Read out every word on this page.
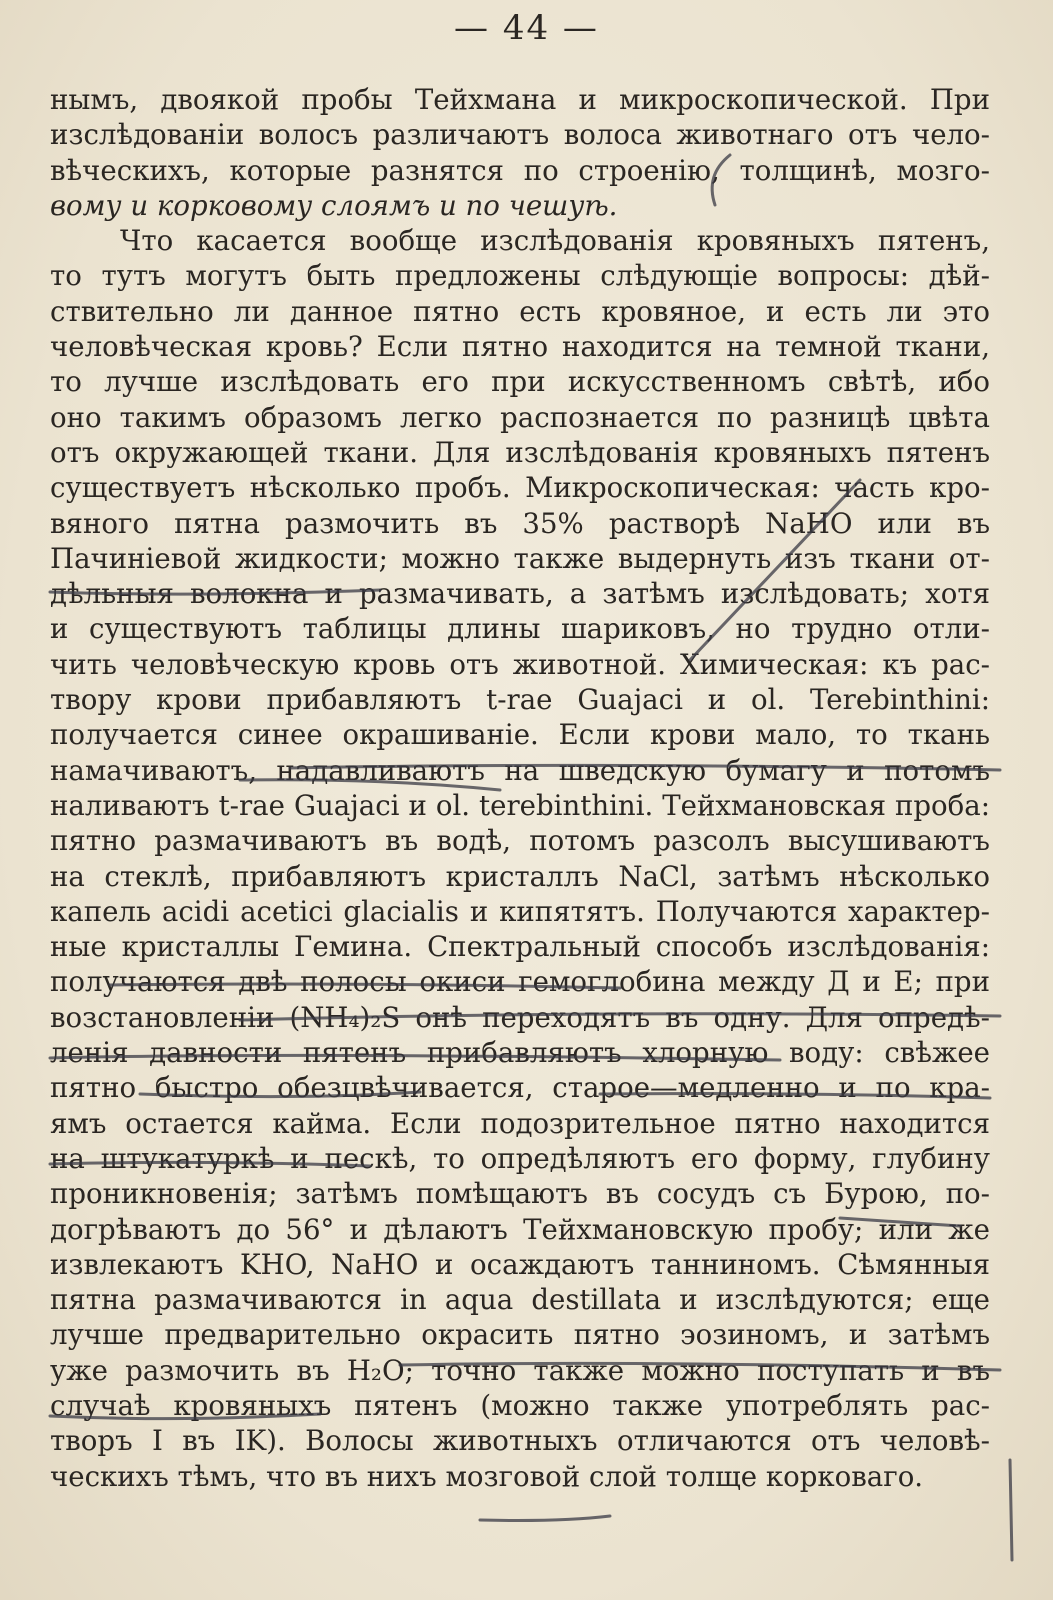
— 44 —
нымъ, двоякой пробы Тейхмана и микроскопической. При
изслѣдованіи волосъ различаютъ волоса животнаго отъ чело-
вѣческихъ, которые разнятся по строенію, толщинѣ, мозго-
вому и корковому слоямъ и по чешуѣ.
Что касается вообще изслѣдованія кровяныхъ пятенъ,
то тутъ могутъ быть предложены слѣдующіе вопросы: дѣй-
ствительно ли данное пятно есть кровяное, и есть ли это
человѣческая кровь? Если пятно находится на темной ткани,
то лучше изслѣдовать его при искусственномъ свѣтѣ, ибо
оно такимъ образомъ легко распознается по разницѣ цвѣта
отъ окружающей ткани. Для изслѣдованія кровяныхъ пятенъ
существуетъ нѣсколько пробъ. Микроскопическая: часть кро-
вяного пятна размочить въ 35% растворѣ NaHO или въ
Пачиніевой жидкости; можно также выдернуть изъ ткани от-
дѣльныя волокна и размачивать, а затѣмъ изслѣдовать; хотя
и существуютъ таблицы длины шариковъ, но трудно отли-
чить человѣческую кровь отъ животной. Химическая: къ рас-
твору крови прибавляютъ t-rae Guajaci и ol. Terebinthini:
получается синее окрашиваніе. Если крови мало, то ткань
намачиваютъ, надавливаютъ на шведскую бумагу и потомъ
наливаютъ t-rae Guajaci и ol. terebinthini. Тейхмановская проба:
пятно размачиваютъ въ водѣ, потомъ разсолъ высушиваютъ
на стеклѣ, прибавляютъ кристаллъ NaCl, затѣмъ нѣсколько
капель acidi acetici glacialis и кипятятъ. Получаются характер-
ные кристаллы Гемина. Спектральный способъ изслѣдованія:
получаются двѣ полосы окиси гемоглобина между Д и Е; при
возстановленіи (NH₄)₂S онѣ переходятъ въ одну. Для опредѣ-
ленія давности пятенъ прибавляютъ хлорную воду: свѣжее
пятно быстро обезцвѣчивается, старое—медленно и по кра-
ямъ остается кайма. Если подозрительное пятно находится
на штукатуркѣ и пескѣ, то опредѣляютъ его форму, глубину
проникновенія; затѣмъ помѣщаютъ въ сосудъ съ Бурою, по-
догрѣваютъ до 56° и дѣлаютъ Тейхмановскую пробу; или же
извлекаютъ KHO, NaHO и осаждаютъ танниномъ. Сѣмянныя
пятна размачиваются in aqua destillata и изслѣдуются; еще
лучше предварительно окрасить пятно эозиномъ, и затѣмъ
уже размочить въ H₂O; точно также можно поступать и въ
случаѣ кровяныхъ пятенъ (можно также употреблять рас-
творъ I въ IK). Волосы животныхъ отличаются отъ человѣ-
ческихъ тѣмъ, что въ нихъ мозговой слой толще корковаго.
